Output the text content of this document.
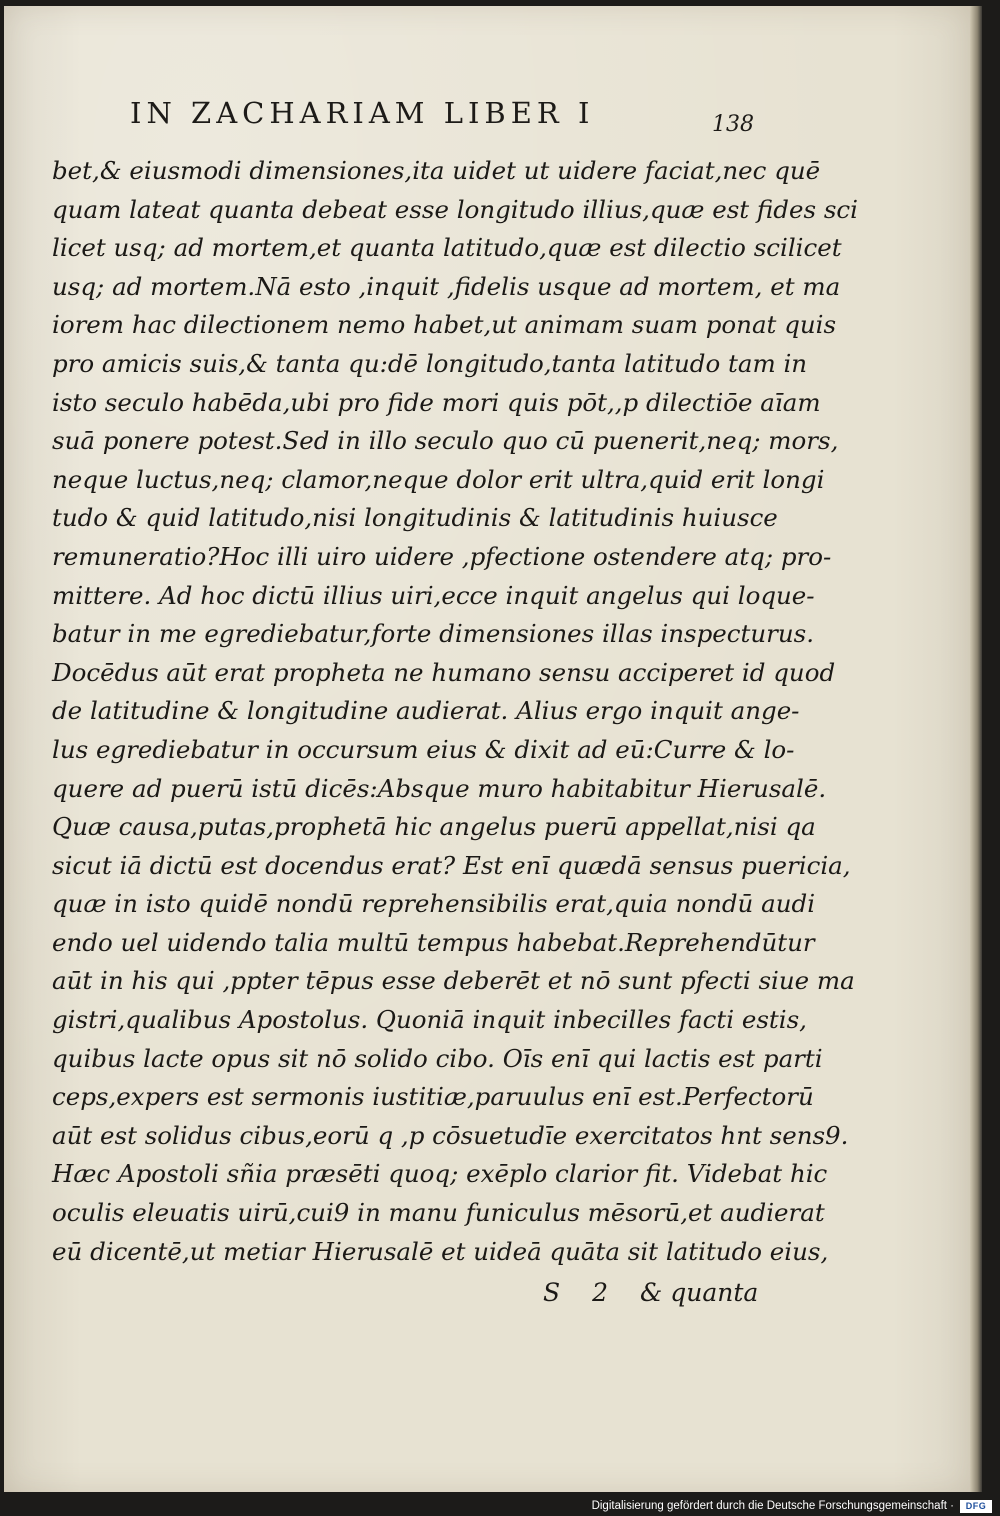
IN ZACHARIAM LIBER I	138
bet,& eiusmodi dimensiones,ita uidet ut uidere faciat,nec quē
quam lateat quanta debeat esse longitudo illius,quæ est fides sci
licet usq; ad mortem,et quanta latitudo,quæ est dilectio scilicet
usq; ad mortem.Nā esto ,inquit ,fidelis usque ad mortem, et ma
iorem hac dilectionem nemo habet,ut animam suam ponat quis
pro amicis suis,& tanta qu:dē longitudo,tanta latitudo tam in
isto seculo habēda,ubi pro fide mori quis pōt,,p dilectiōe aīam
suā ponere potest.Sed in illo seculo quo cū puenerit,neq; mors,
neque luctus,neq; clamor,neque dolor erit ultra,quid erit longi
tudo & quid latitudo,nisi longitudinis & latitudinis huiusce
remuneratio?Hoc illi uiro uidere ,pfectione ostendere atq; pro-
mittere. Ad hoc dictū illius uiri,ecce inquit angelus qui loque-
batur in me egrediebatur,forte dimensiones illas inspecturus.
Docēdus aūt erat propheta ne humano sensu acciperet id quod
de latitudine & longitudine audierat. Alius ergo inquit ange-
lus egrediebatur in occursum eius & dixit ad eū:Curre & lo-
quere ad puerū istū dicēs:Absque muro habitabitur Hierusalē.
Quæ causa,putas,prophetā hic angelus puerū appellat,nisi qa
sicut iā dictū est docendus erat? Est enī quædā sensus puericia,
quæ in isto quidē nondū reprehensibilis erat,quia nondū audi
endo uel uidendo talia multū tempus habebat.Reprehendūtur
aūt in his qui ,ppter tēpus esse deberēt et nō sunt pfecti siue ma
gistri,qualibus Apostolus. Quoniā inquit inbecilles facti estis,
quibus lacte opus sit nō solido cibo. Oīs enī qui lactis est parti
ceps,expers est sermonis iustitiæ,paruulus enī est.Perfectorū
aūt est solidus cibus,eorū q ,p cōsuetudīe exercitatos hnt sens9.
Hæc Apostoli sñia præsēti quoq; exēplo clarior fit. Videbat hic
oculis eleuatis uirū,cui9 in manu funiculus mēsorū,et audierat
eū dicentē,ut metiar Hierusalē et uideā quāta sit latitudo eius,
S 2 & quanta
Digitalisierung gefördert durch die Deutsche Forschungsgemeinschaft ·	DFG
